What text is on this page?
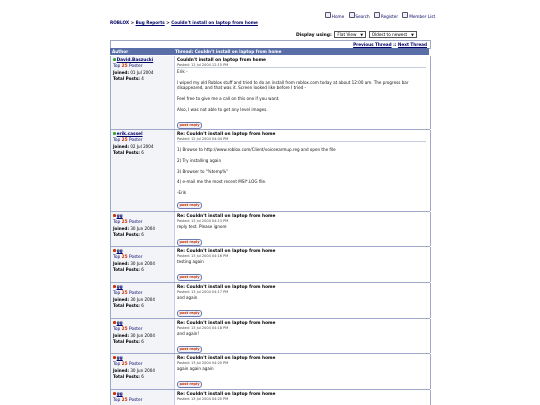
Home	Search	Register	Member List
ROBLOX > Bug Reports > Couldn't install on laptop from home
Display using: Flat View ▼ Oldest to newest ▼
Previous Thread :: Next Thread
Author	Thread: Couldn't install on laptop from home
David.Baszucki
Top 25 Poster
Joined: 01 Jul 2004
Total Posts: 4
Couldn't install on laptop from home
Posted: 12 Jul 2004 12:15 PM

Erik -

I wiped my old Roblox stuff and tried to do an install from roblox.com today at about 12:00 am. The progress bar disappeared, and that was it. Screen looked like before I tried -

Feel free to give me a call on this one if you want.

Also, I was not able to get any level images.

post reply
erik.cassel
Top 25 Poster
Joined: 02 Jul 2004
Total Posts: 6
Re: Couldn't install on laptop from home
Posted: 12 Jul 2004 04:04 PM

1) Browse to http://www.roblox.com/Client/voiceearmup.reg and open the file

2) Try installing again

3) Browser to "%temp%"

4) e-mail me the most recent MSI*.LOG file.

-Erik

post reply
gg
Top 25 Poster
Joined: 30 Jun 2004
Total Posts: 6
Re: Couldn't install on laptop from home
Posted: 13 Jul 2004 04:13 PM

reply test. Please ignore

post reply
gg
Top 25 Poster
Joined: 30 Jun 2004
Total Posts: 6
Re: Couldn't install on laptop from home
Posted: 13 Jul 2004 04:16 PM

testing again

post reply
gg
Top 25 Poster
Joined: 30 Jun 2004
Total Posts: 6
Re: Couldn't install on laptop from home
Posted: 13 Jul 2004 04:17 PM

and again

post reply
gg
Top 25 Poster
Joined: 30 Jun 2004
Total Posts: 6
Re: Couldn't install on laptop from home
Posted: 13 Jul 2004 04:18 PM

and again!

post reply
gg
Top 25 Poster
Joined: 30 Jun 2004
Total Posts: 6
Re: Couldn't install on laptop from home
Posted: 13 Jul 2004 04:20 PM

again again again

post reply
gg
Top 25 Poster
Re: Couldn't install on laptop from home
Posted: 13 Jul 2004 04:20 PM
